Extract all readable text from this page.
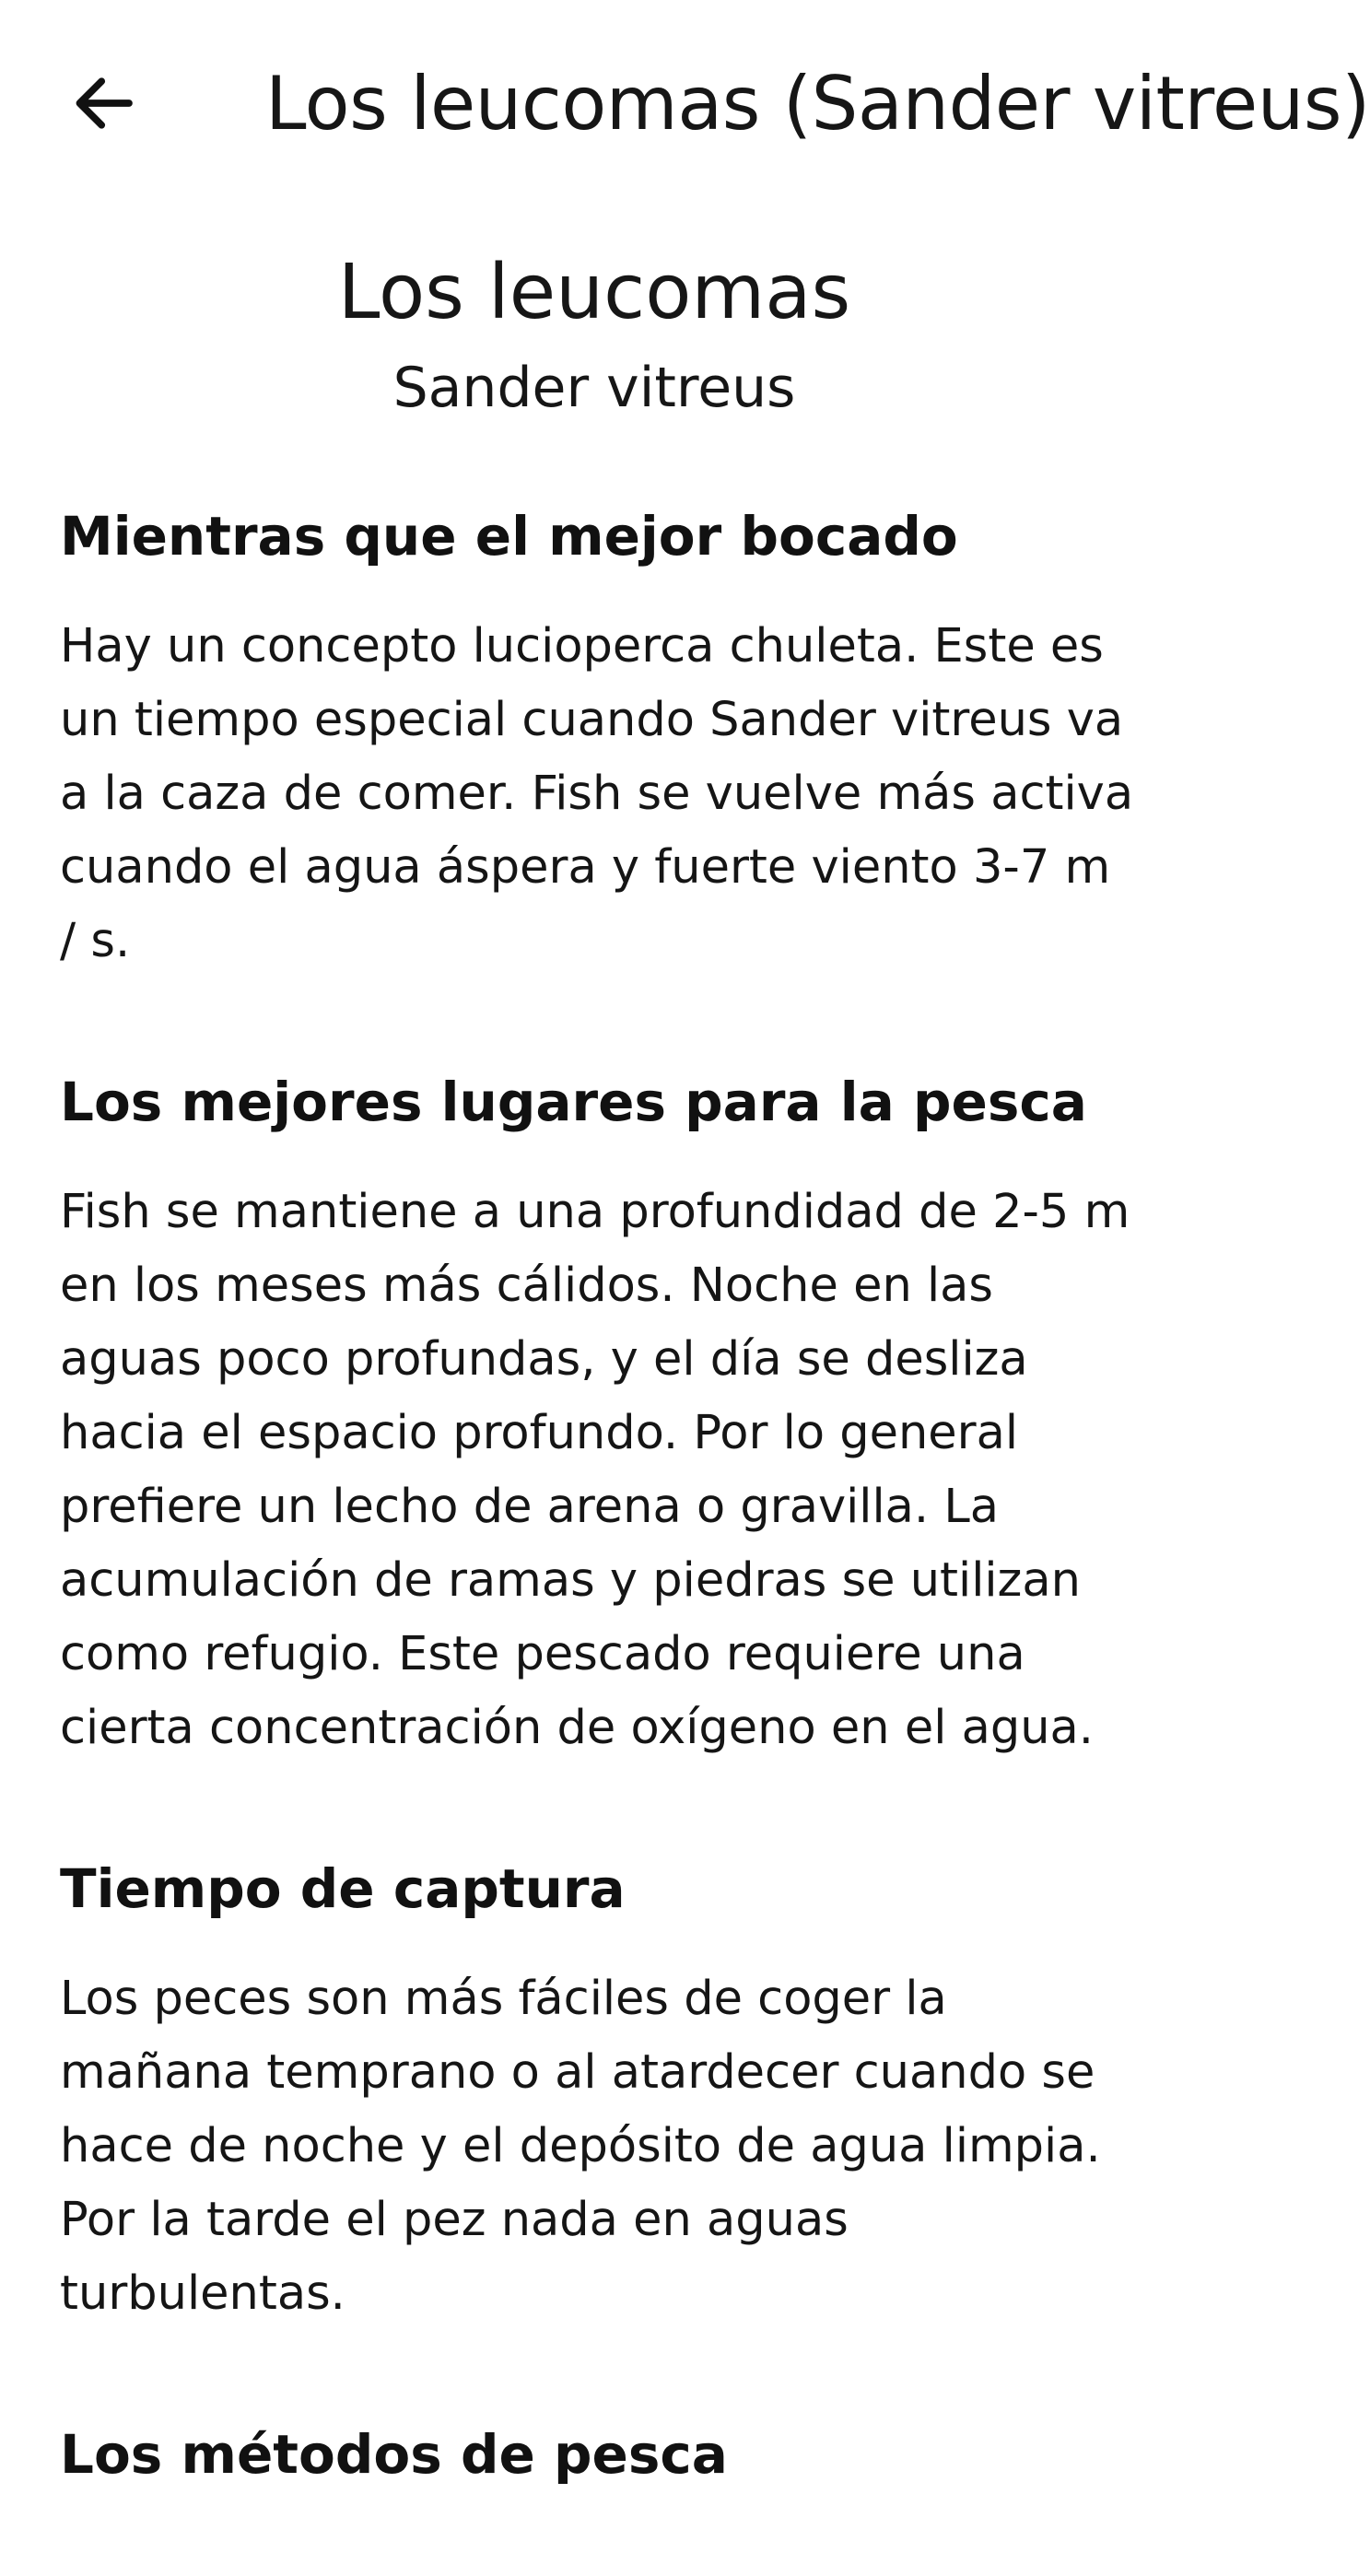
Los leucomas (Sander vitreus)
Los leucomas
Sander vitreus
Mientras que el mejor bocado

Hay un concepto lucioperca chuleta. Este es un tiempo especial cuando Sander vitreus va a la caza de comer. Fish se vuelve más activa cuando el agua áspera y fuerte viento 3-7 m / s.

Los mejores lugares para la pesca

Fish se mantiene a una profundidad de 2-5 m en los meses más cálidos. Noche en las aguas poco profundas, y el día se desliza hacia el espacio profundo. Por lo general prefiere un lecho de arena o gravilla. La acumulación de ramas y piedras se utilizan como refugio. Este pescado requiere una cierta concentración de oxígeno en el agua.

Tiempo de captura

Los peces son más fáciles de coger la mañana temprano o al atardecer cuando se hace de noche y el depósito de agua limpia. Por la tarde el pez nada en aguas turbulentas.

Los métodos de pesca
